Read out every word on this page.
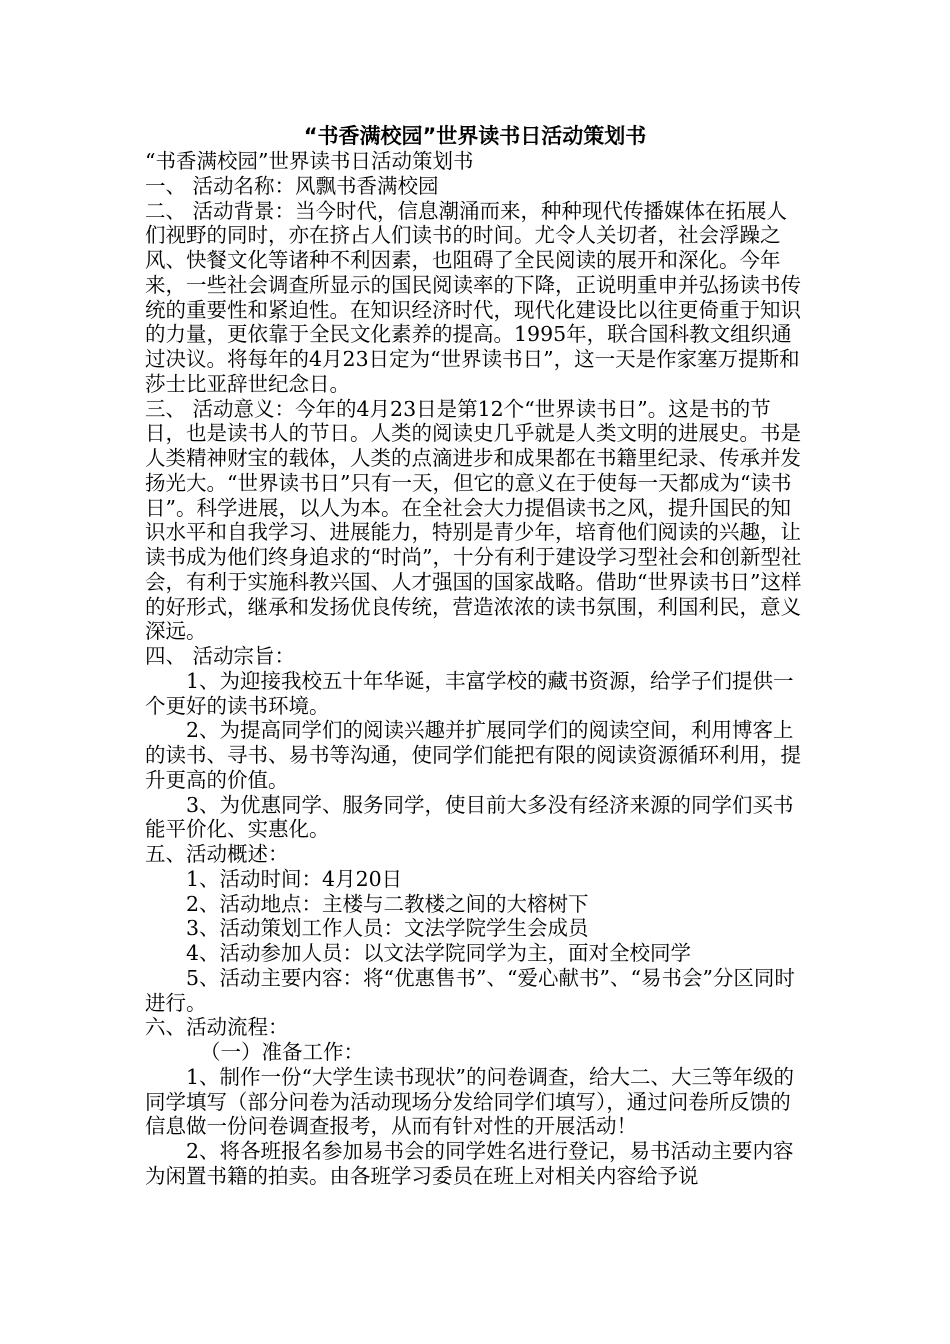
“书香满校园”世界读书日活动策划书

“书香满校园”世界读书日活动策划书

一、 活动名称：风飘书香满校园

二、 活动背景：当今时代，信息潮涌而来，种种现代传播媒体在拓展人们视野的同时，亦在挤占人们读书的时间。尤令人关切者，社会浮躁之风、快餐文化等诸种不利因素，也阻碍了全民阅读的展开和深化。今年来，一些社会调查所显示的国民阅读率的下降，正说明重申并弘扬读书传统的重要性和紧迫性。在知识经济时代，现代化建设比以往更倚重于知识的力量，更依靠于全民文化素养的提高。1995年，联合国科教文组织通过决议。将每年的4月23日定为“世界读书日”，这一天是作家塞万提斯和莎士比亚辞世纪念日。

三、 活动意义：今年的4月23日是第12个“世界读书日”。这是书的节日，也是读书人的节日。人类的阅读史几乎就是人类文明的进展史。书是人类精神财宝的载体，人类的点滴进步和成果都在书籍里纪录、传承并发扬光大。“世界读书日”只有一天，但它的意义在于使每一天都成为“读书日”。科学进展，以人为本。在全社会大力提倡读书之风，提升国民的知识水平和自我学习、进展能力，特别是青少年，培育他们阅读的兴趣，让读书成为他们终身追求的“时尚”，十分有利于建设学习型社会和创新型社会，有利于实施科教兴国、人才强国的国家战略。借助“世界读书日”这样的好形式，继承和发扬优良传统，营造浓浓的读书氛围，利国利民，意义深远。

四、 活动宗旨：

1、为迎接我校五十年华诞，丰富学校的藏书资源，给学子们提供一个更好的读书环境。

2、为提高同学们的阅读兴趣并扩展同学们的阅读空间，利用博客上的读书、寻书、易书等沟通，使同学们能把有限的阅读资源循环利用，提升更高的价值。

3、为优惠同学、服务同学，使目前大多没有经济来源的同学们买书能平价化、实惠化。

五、活动概述：

1、活动时间：4月20日

2、活动地点：主楼与二教楼之间的大榕树下

3、活动策划工作人员：文法学院学生会成员

4、活动参加人员：以文法学院同学为主，面对全校同学

5、活动主要内容：将“优惠售书”、“爱心献书”、“易书会”分区同时进行。

六、活动流程：

（一）准备工作：

1、制作一份“大学生读书现状”的问卷调查，给大二、大三等年级的同学填写（部分问卷为活动现场分发给同学们填写），通过问卷所反馈的信息做一份问卷调查报考，从而有针对性的开展活动！

2、将各班报名参加易书会的同学姓名进行登记，易书活动主要内容为闲置书籍的拍卖。由各班学习委员在班上对相关内容给予说
